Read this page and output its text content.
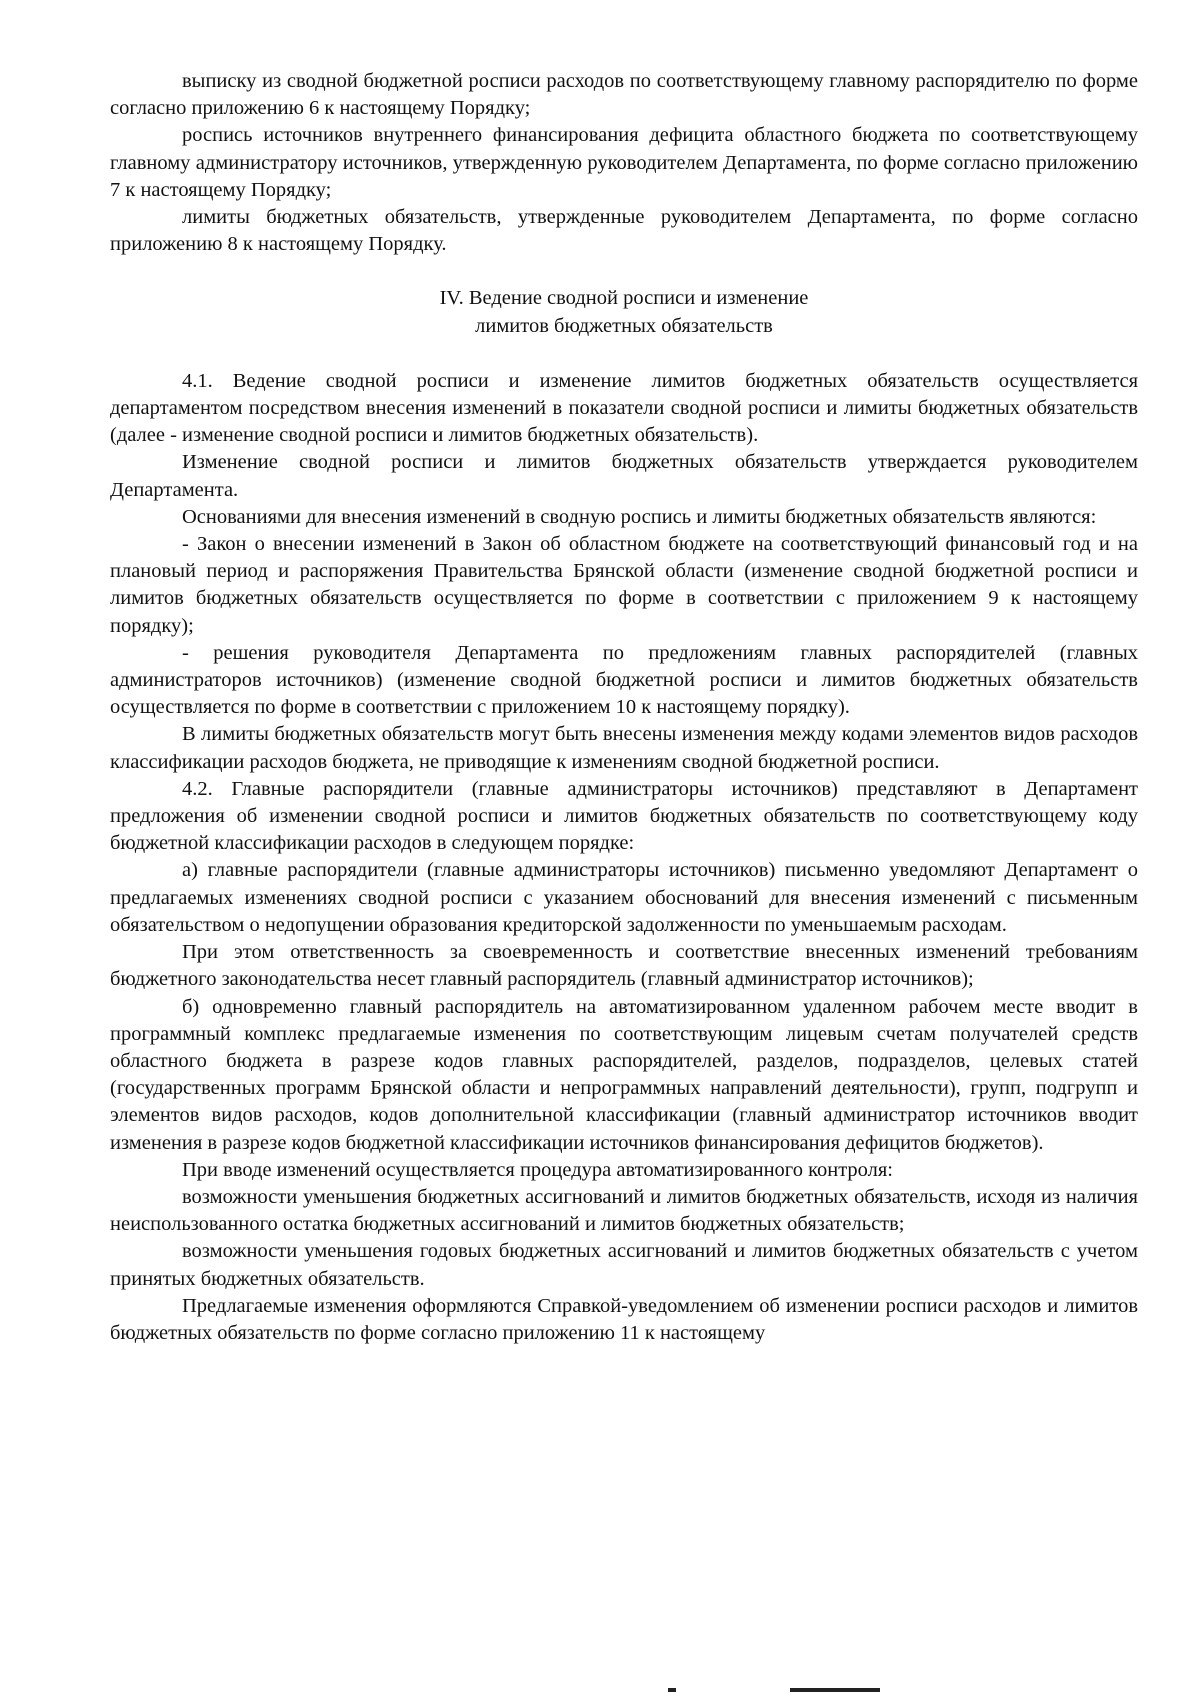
выписку из сводной бюджетной росписи расходов по соответствующему главному распорядителю по форме согласно приложению 6 к настоящему Порядку;

роспись источников внутреннего финансирования дефицита областного бюджета по соответствующему главному администратору источников, утвержденную руководителем Департамента, по форме согласно приложению 7 к настоящему Порядку;

лимиты бюджетных обязательств, утвержденные руководителем Департамента, по форме согласно приложению 8 к настоящему Порядку.

IV. Ведение сводной росписи и изменение
лимитов бюджетных обязательств

4.1. Ведение сводной росписи и изменение лимитов бюджетных обязательств осуществляется департаментом посредством внесения изменений в показатели сводной росписи и лимиты бюджетных обязательств (далее - изменение сводной росписи и лимитов бюджетных обязательств).

Изменение сводной росписи и лимитов бюджетных обязательств утверждается руководителем Департамента.

Основаниями для внесения изменений в сводную роспись и лимиты бюджетных обязательств являются:

- Закон о внесении изменений в Закон об областном бюджете на соответствующий финансовый год и на плановый период и распоряжения Правительства Брянской области (изменение сводной бюджетной росписи и лимитов бюджетных обязательств осуществляется по форме в соответствии с приложением 9 к настоящему порядку);

- решения руководителя Департамента по предложениям главных распорядителей (главных администраторов источников) (изменение сводной бюджетной росписи и лимитов бюджетных обязательств осуществляется по форме в соответствии с приложением 10 к настоящему порядку).

В лимиты бюджетных обязательств могут быть внесены изменения между кодами элементов видов расходов классификации расходов бюджета, не приводящие к изменениям сводной бюджетной росписи.

4.2. Главные распорядители (главные администраторы источников) представляют в Департамент предложения об изменении сводной росписи и лимитов бюджетных обязательств по соответствующему коду бюджетной классификации расходов в следующем порядке:

а) главные распорядители (главные администраторы источников) письменно уведомляют Департамент о предлагаемых изменениях сводной росписи с указанием обоснований для внесения изменений с письменным обязательством о недопущении образования кредиторской задолженности по уменьшаемым расходам.

При этом ответственность за своевременность и соответствие внесенных изменений требованиям бюджетного законодательства несет главный распорядитель (главный администратор источников);

б) одновременно главный распорядитель на автоматизированном удаленном рабочем месте вводит в программный комплекс предлагаемые изменения по соответствующим лицевым счетам получателей средств областного бюджета в разрезе кодов главных распорядителей, разделов, подразделов, целевых статей (государственных программ Брянской области и непрограммных направлений деятельности), групп, подгрупп и элементов видов расходов, кодов дополнительной классификации (главный администратор источников вводит изменения в разрезе кодов бюджетной классификации источников финансирования дефицитов бюджетов).

При вводе изменений осуществляется процедура автоматизированного контроля:

возможности уменьшения бюджетных ассигнований и лимитов бюджетных обязательств, исходя из наличия неиспользованного остатка бюджетных ассигнований и лимитов бюджетных обязательств;

возможности уменьшения годовых бюджетных ассигнований и лимитов бюджетных обязательств с учетом принятых бюджетных обязательств.

Предлагаемые изменения оформляются Справкой-уведомлением об изменении росписи расходов и лимитов бюджетных обязательств по форме согласно приложению 11 к настоящему
